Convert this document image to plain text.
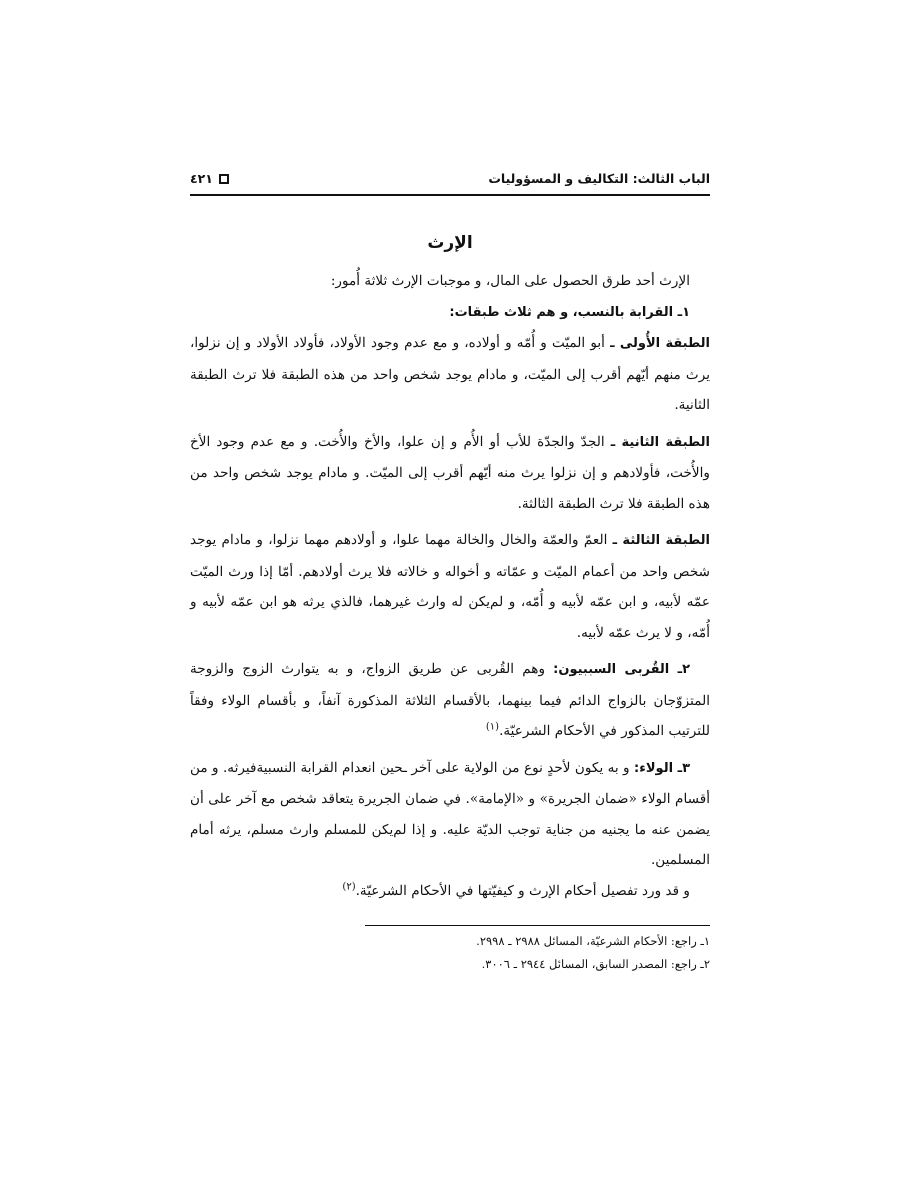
الباب الثالث: التكاليف و المسؤوليات
٤٢١
الإرث

الإرث أحد طرق الحصول على المال، و موجبات الإرث ثلاثة أُمور:

١ـ القرابة بالنسب، و هم ثلاث طبقات:

الطبقة الأُولى ـ أبو الميّت و أُمّه و أولاده، و مع عدم وجود الأولاد، فأولاد الأولاد و إن نزلوا، يرث منهم أيّهم أقرب إلى الميّت، و مادام يوجد شخص واحد من هذه الطبقة فلا ترث الطبقة الثانية.

الطبقة الثانية ـ الجدّ والجدّة للأب أو الأُم و إن علوا، والأخ والأُخت. و مع عدم وجود الأخ والأُخت، فأولادهم و إن نزلوا يرث منه أيّهم أقرب إلى الميّت. و مادام يوجد شخص واحد من هذه الطبقة فلا ترث الطبقة الثالثة.

الطبقة الثالثة ـ العمّ والعمّة والخال والخالة مهما علوا، و أولادهم مهما نزلوا، و مادام يوجد شخص واحد من أعمام الميّت و عمّاته و أخواله و خالاته فلا يرث أولادهم. أمّا إذا ورث الميّت عمّه لأبيه، و ابن عمّه لأبيه و أُمّه، و لم‌يكن له وارث غيرهما، فالذي يرثه هو ابن عمّه لأبيه و أُمّه، و لا يرث عمّه لأبيه.

٢ـ القُربى السببيون: وهم القُربى عن طريق الزواج، و به يتوارث الزوج والزوجة المتزوّجان بالزواج الدائم فيما بينهما، بالأقسام الثلاثة المذكورة آنفاً، و بأقسام الولاء وفقاً للترتيب المذكور في الأحكام الشرعيّة.$^{(١)}$

٣ـ الولاء: و به يكون لأحدٍ نوع من الولاية على آخر ـحين انعدام القرابة النسبيةفيرثه. و من أقسام الولاء «ضمان الجريرة» و «الإمامة». في ضمان الجريرة يتعاقد شخص مع آخر على أن يضمن عنه ما يجنيه من جناية توجب الديّة عليه. و إذا لم‌يكن للمسلم وارث مسلم، يرثه أمام المسلمين.

و قد ورد تفصيل أحكام الإرث و كيفيّتها في الأحكام الشرعيّة.$^{(٢)}$

١ـ راجع: الأحكام الشرعيّة، المسائل ٢٩٨٨ ـ ٢٩٩٨.

٢ـ راجع: المصدر السابق، المسائل ٢٩٤٤ ـ ٣٠٠٦.
